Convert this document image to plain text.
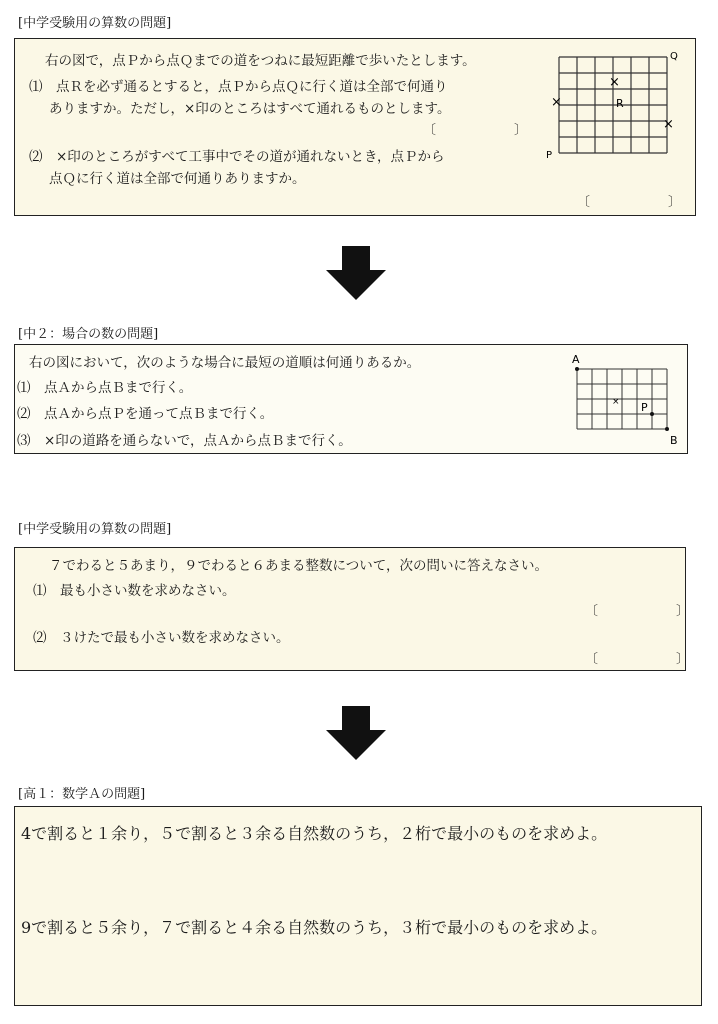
[中学受験用の算数の問題]
右の図で，点Ｐから点Ｑまでの道をつねに最短距離で歩いたとします。
⑴　点Ｒを必ず通るとすると，点Ｐから点Ｑに行く道は全部で何通り
ありますか。ただし，×印のところはすべて通れるものとします。
〔　　　　　　〕
⑵　×印のところがすべて工事中でその道が通れないとき，点Ｐから
点Ｑに行く道は全部で何通りありますか。
〔　　　　　　〕
P
Q
R
×
×
×
[中２：場合の数の問題]
右の図において，次のような場合に最短の道順は何通りあるか。
⑴　点Ａから点Ｂまで行く。
⑵　点Ａから点Ｐを通って点Ｂまで行く。
⑶　×印の道路を通らないで，点Ａから点Ｂまで行く。
A
B
P
×
[中学受験用の算数の問題]
７でわると５あまり，９でわると６あまる整数について，次の問いに答えなさい。
⑴　最も小さい数を求めなさい。
〔　　　　　　〕
⑵　３けたで最も小さい数を求めなさい。
〔　　　　　　〕
[高１：数学Ａの問題]
4で割ると１余り，５で割ると３余る自然数のうち，２桁で最小のものを求めよ。
9で割ると５余り，７で割ると４余る自然数のうち，３桁で最小のものを求めよ。
